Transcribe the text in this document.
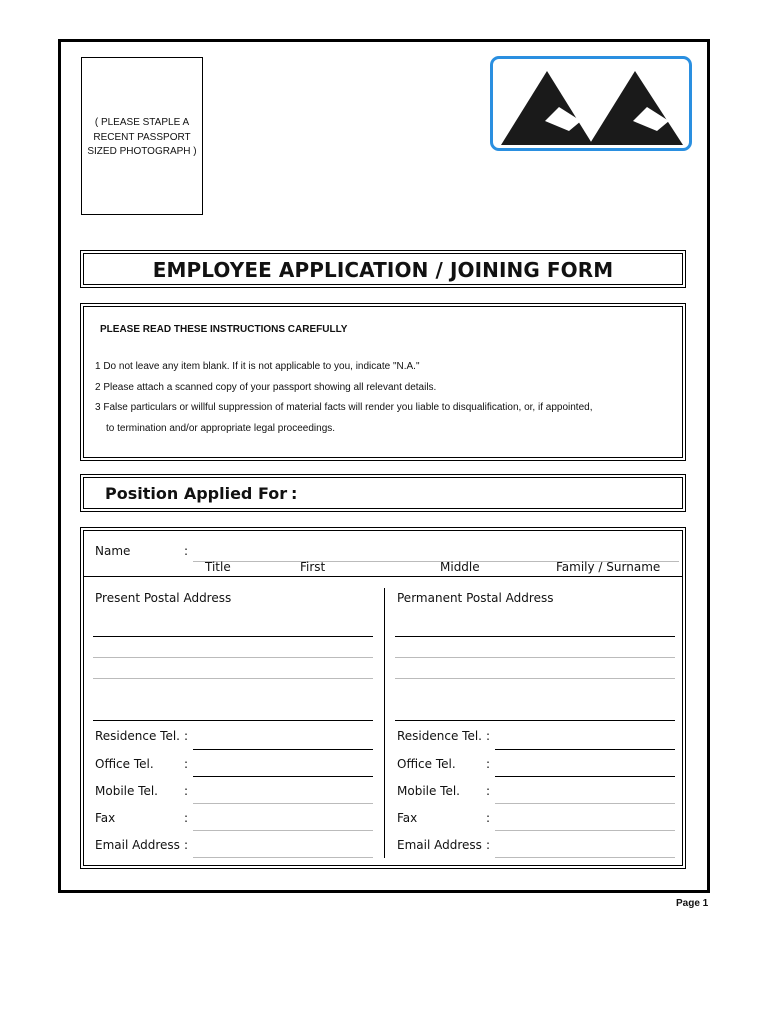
( PLEASE STAPLE A RECENT PASSPORT SIZED PHOTOGRAPH )
EMPLOYEE APPLICATION / JOINING FORM
PLEASE READ THESE INSTRUCTIONS CAREFULLY
1 Do not leave any item blank. If it is not applicable to you, indicate "N.A."
2 Please attach a scanned copy of your passport showing all relevant details.
3 False particulars or willful suppression of material facts will render you liable to disqualification, or, if appointed,
to termination and/or appropriate legal proceedings.
Position Applied For :
Name	:
Title	First	Middle	Family / Surname
Present Postal Address
Residence Tel. :
Office Tel.	:
Mobile Tel. :
Fax	:
Email Address :
Permanent Postal Address
Residence Tel. :
Office Tel.	:
Mobile Tel. :
Fax	:
Email Address :
Page 1
